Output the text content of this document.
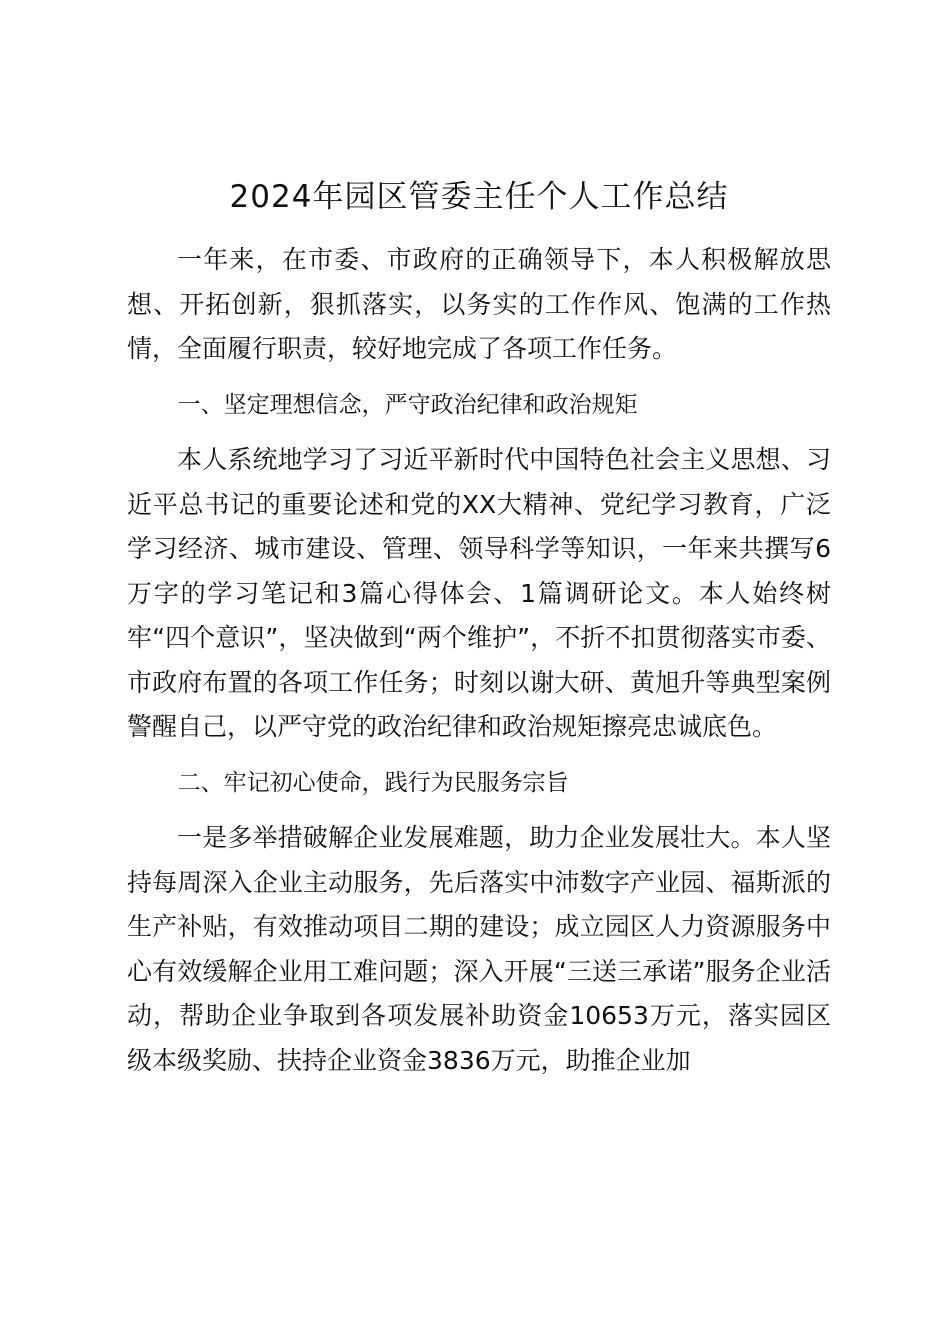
2024年园区管委主任个人工作总结

一年来，在市委、市政府的正确领导下，本人积极解放思想、开拓创新，狠抓落实，以务实的工作作风、饱满的工作热情，全面履行职责，较好地完成了各项工作任务。

一、坚定理想信念，严守政治纪律和政治规矩

本人系统地学习了习近平新时代中国特色社会主义思想、习近平总书记的重要论述和党的XX大精神、党纪学习教育，广泛学习经济、城市建设、管理、领导科学等知识，一年来共撰写6万字的学习笔记和3篇心得体会、1篇调研论文。本人始终树牢“四个意识”，坚决做到“两个维护”，不折不扣贯彻落实市委、市政府布置的各项工作任务；时刻以谢大研、黄旭升等典型案例警醒自己，以严守党的政治纪律和政治规矩擦亮忠诚底色。

二、牢记初心使命，践行为民服务宗旨

一是多举措破解企业发展难题，助力企业发展壮大。本人坚持每周深入企业主动服务，先后落实中沛数字产业园、福斯派的生产补贴，有效推动项目二期的建设；成立园区人力资源服务中心有效缓解企业用工难问题；深入开展“三送三承诺”服务企业活动，帮助企业争取到各项发展补助资金10653万元，落实园区级本级奖励、扶持企业资金3836万元，助推企业加
